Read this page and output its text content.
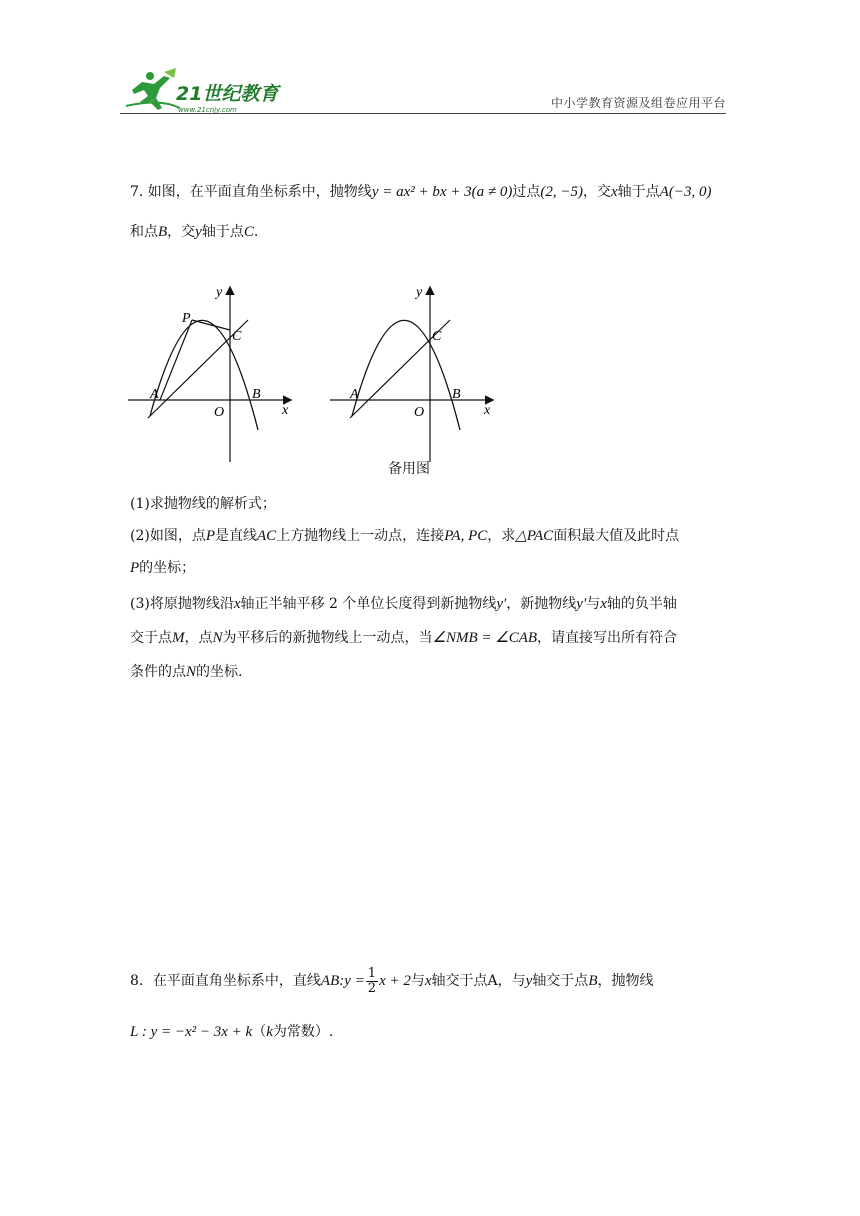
21世纪教育
www.21cnjy.com	中小学教育资源及组卷应用平台
7. 如图，在平面直角坐标系中，抛物线y = ax² + bx + 3(a ≠ 0)过点(2, −5)，交x轴于点A(−3, 0)
和点B，交y轴于点C.
y
x
O
A	B
C
P
y
x
O
A	B
C
备用图
(1)求抛物线的解析式；
(2)如图，点P是直线AC上方抛物线上一动点，连接PA, PC，求△PAC面积最大值及此时点
P的坐标；
(3)将原抛物线沿x轴正半轴平移 2 个单位长度得到新抛物线y′，新抛物线y′与x轴的负半轴
交于点M，点N为平移后的新抛物线上一动点，当∠NMB = ∠CAB，请直接写出所有符合
条件的点N的坐标.
8．在平面直角坐标系中，直线AB:y = $\frac{1}{2}$ x + 2与x轴交于点A，与y轴交于点B，抛物线
L : y = −x² − 3x + k（k为常数）.
